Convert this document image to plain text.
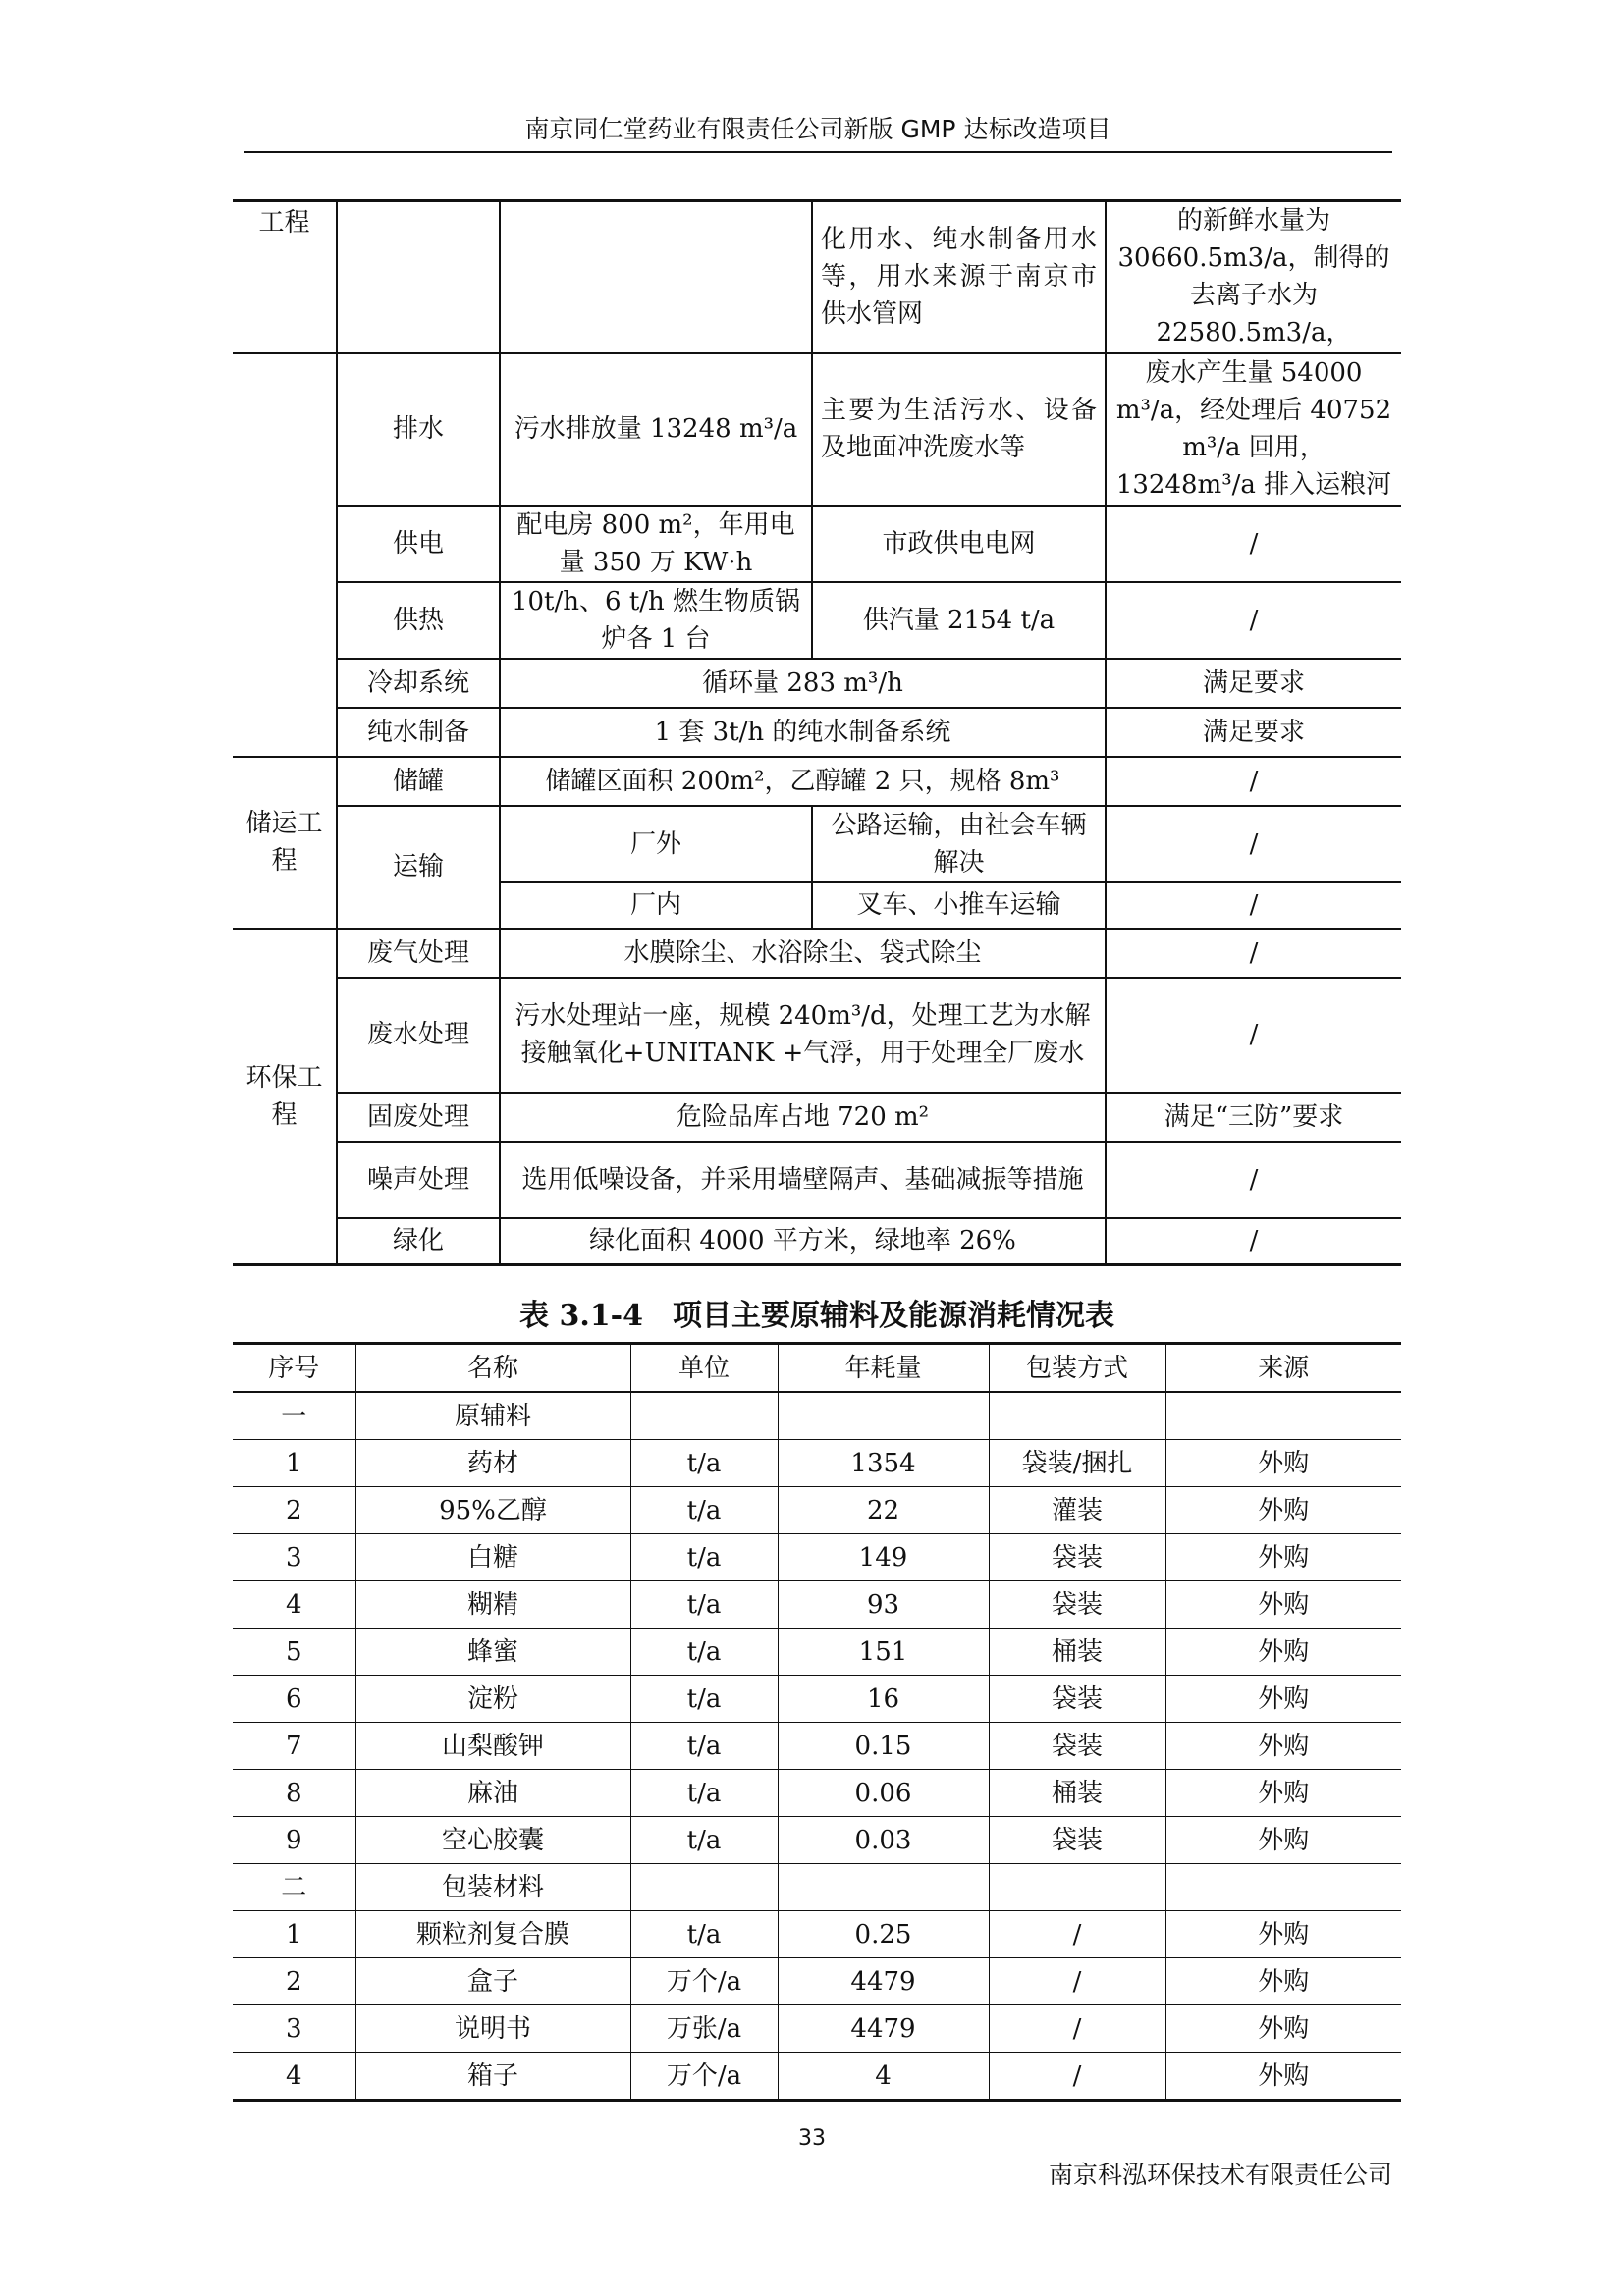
南京同仁堂药业有限责任公司新版 GMP 达标改造项目
工程			化用水、纯水制备用水等，用水来源于南京市供水管网	的新鲜水量为 30660.5m3/a，制得的去离子水为 22580.5m3/a，
	排水	污水排放量 13248 m³/a	主要为生活污水、设备及地面冲洗废水等	废水产生量 54000 m³/a，经处理后 40752 m³/a 回用，13248m³/a 排入运粮河
	供电	配电房 800 m²，年用电量 350 万 KW·h	市政供电电网	/
	供热	10t/h、6 t/h 燃生物质锅炉各 1 台	供汽量 2154 t/a	/
	冷却系统	循环量 283 m³/h		满足要求
	纯水制备	1 套 3t/h 的纯水制备系统		满足要求
储运工程	储罐	储罐区面积 200m²，乙醇罐 2 只，规格 8m³		/
	运输	厂外	公路运输，由社会车辆解决	/
		厂内	叉车、小推车运输	/
环保工程	废气处理	水膜除尘、水浴除尘、袋式除尘		/
	废水处理	污水处理站一座，规模 240m³/d，处理工艺为水解接触氧化+UNITANK +气浮，用于处理全厂废水		/
	固废处理	危险品库占地 720 m²		满足“三防”要求
	噪声处理	选用低噪设备，并采用墙壁隔声、基础减振等措施		/
	绿化	绿化面积 4000 平方米，绿地率 26%		/
表 3.1-4　项目主要原辅料及能源消耗情况表
序号	名称	单位	年耗量	包装方式	来源
一	原辅料				
1	药材	t/a	1354	袋装/捆扎	外购
2	95%乙醇	t/a	22	灌装	外购
3	白糖	t/a	149	袋装	外购
4	糊精	t/a	93	袋装	外购
5	蜂蜜	t/a	151	桶装	外购
6	淀粉	t/a	16	袋装	外购
7	山梨酸钾	t/a	0.15	袋装	外购
8	麻油	t/a	0.06	桶装	外购
9	空心胶囊	t/a	0.03	袋装	外购
二	包装材料				
1	颗粒剂复合膜	t/a	0.25	/	外购
2	盒子	万个/a	4479	/	外购
3	说明书	万张/a	4479	/	外购
4	箱子	万个/a	4	/	外购
33
南京科泓环保技术有限责任公司
